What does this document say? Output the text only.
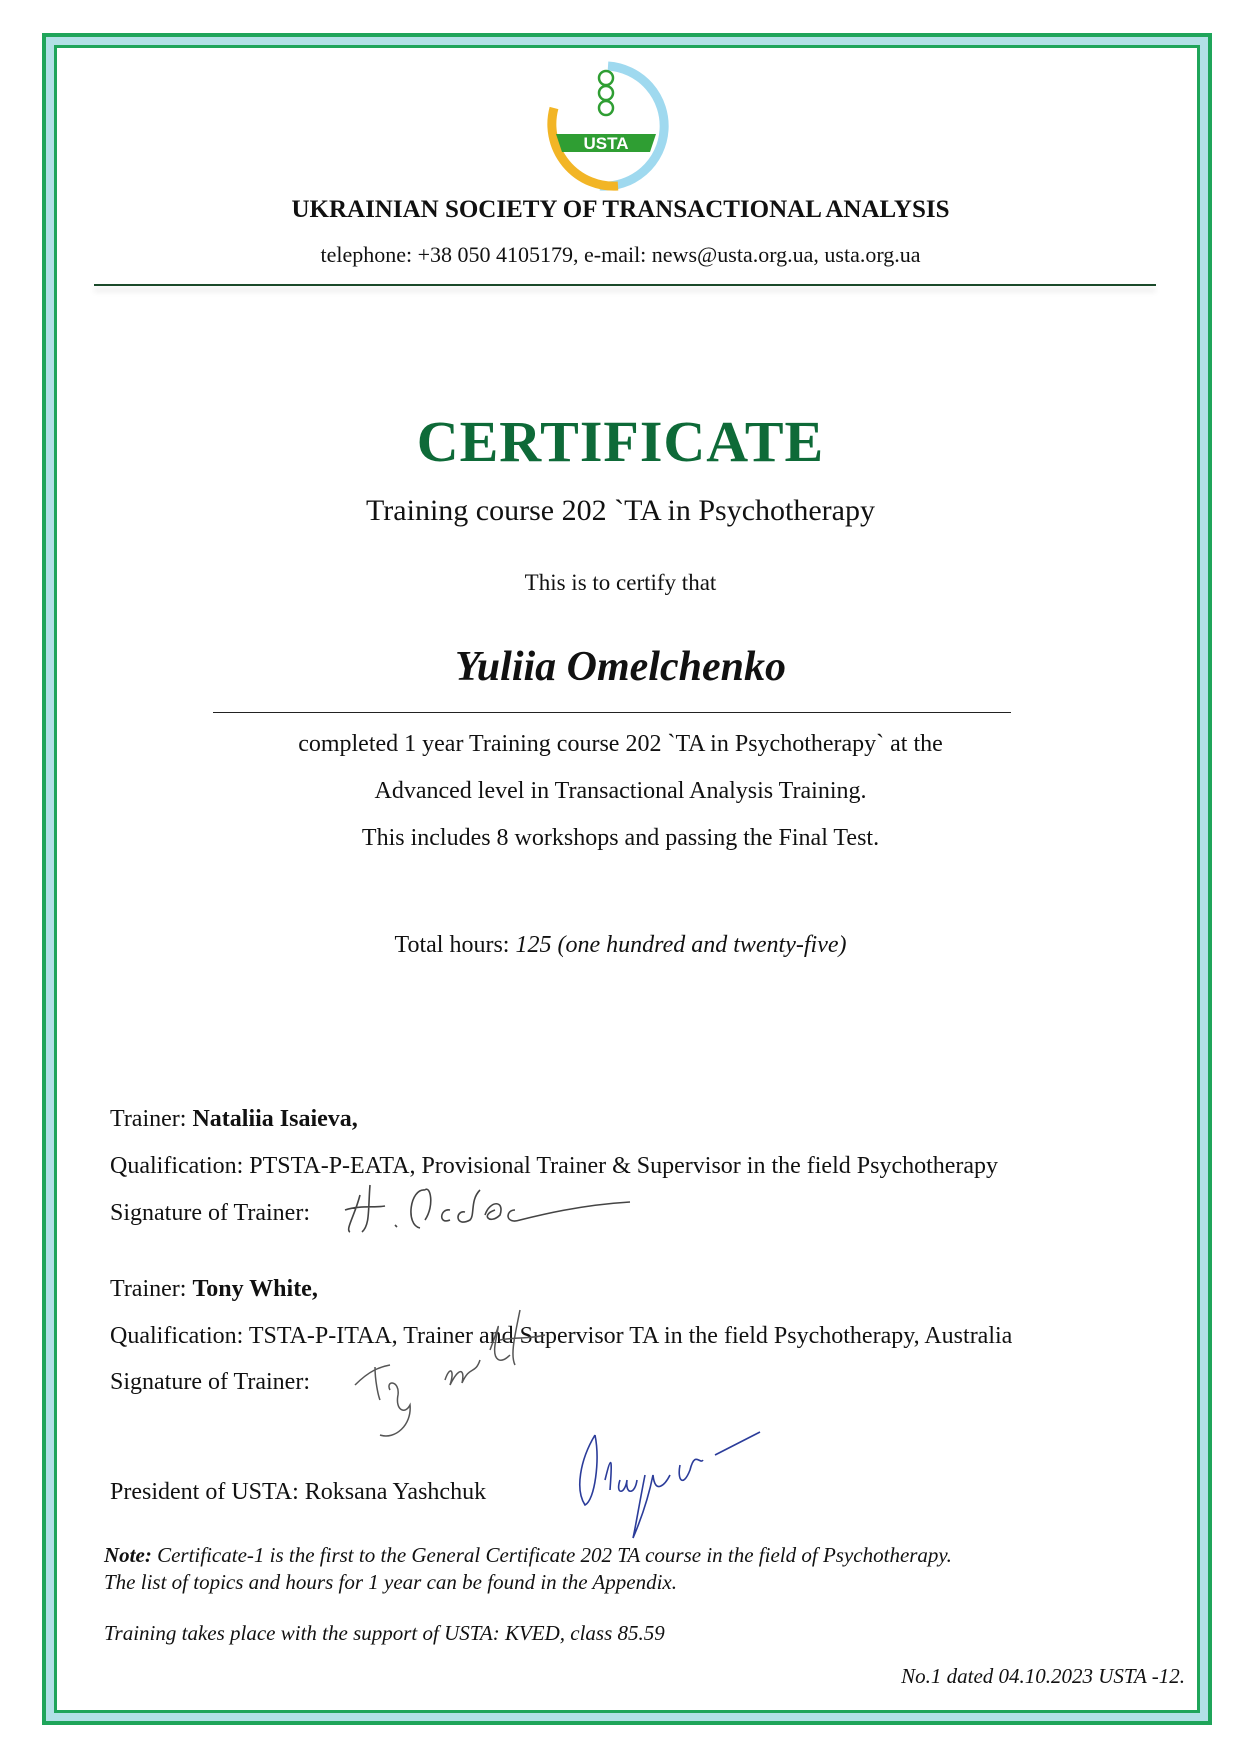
USTA
UKRAINIAN SOCIETY OF TRANSACTIONAL ANALYSIS
telephone: +38 050 4105179, e-mail: news@usta.org.ua, usta.org.ua
CERTIFICATE
Training course 202 `TA in Psychotherapy
This is to certify that
Yuliia Omelchenko
completed 1 year Training course 202 `TA in Psychotherapy` at the
Advanced level in Transactional Analysis Training.
This includes 8 workshops and passing the Final Test.
Total hours: 125 (one hundred and twenty-five)
Trainer: Nataliia Isaieva,
Qualification: PTSTA-P-EATA, Provisional Trainer & Supervisor in the field Psychotherapy
Signature of Trainer:
Trainer: Tony White,
Qualification: TSTA-P-ITAA, Trainer and Supervisor TA in the field Psychotherapy, Australia
Signature of Trainer:
President of USTA: Roksana Yashchuk
Note: Certificate-1 is the first to the General Certificate 202 TA course in the field of Psychotherapy.
The list of topics and hours for 1 year can be found in the Appendix.
Training takes place with the support of USTA: KVED, class 85.59
No.1 dated 04.10.2023 USTA -12.
